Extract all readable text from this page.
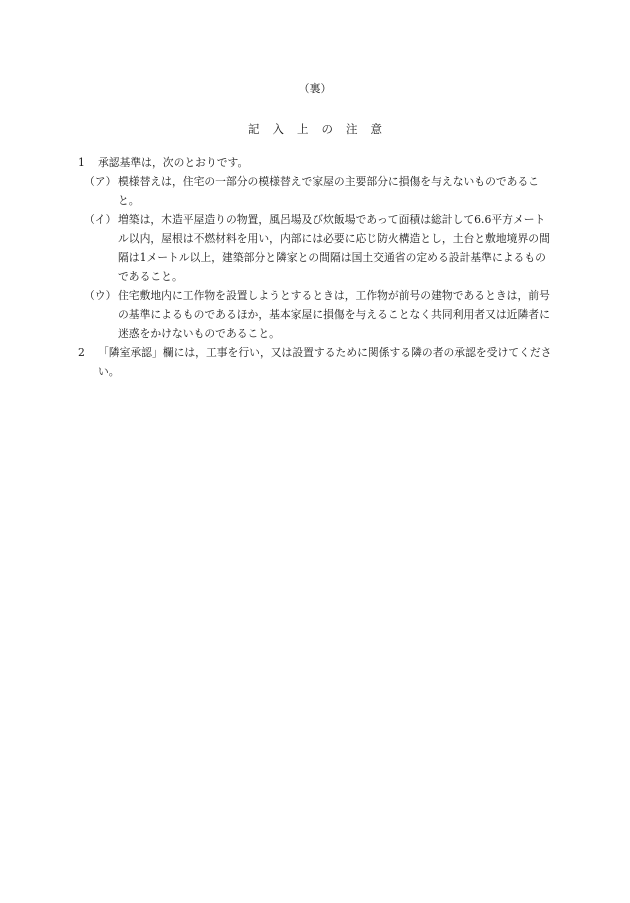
（裏）
記入上の注意
1	承認基準は，次のとおりです。
（ア） 模様替えは，住宅の一部分の模様替えで家屋の主要部分に損傷を与えないものであること。
（イ） 増築は，木造平屋造りの物置，風呂場及び炊飯場であって面積は総計して6.6平方メートル以内，屋根は不燃材料を用い，内部には必要に応じ防火構造とし，土台と敷地境界の間隔は1メートル以上，建築部分と隣家との間隔は国土交通省の定める設計基準によるものであること。
（ウ） 住宅敷地内に工作物を設置しようとするときは，工作物が前号の建物であるときは，前号の基準によるものであるほか，基本家屋に損傷を与えることなく共同利用者又は近隣者に迷惑をかけないものであること。
2	「隣室承認」欄には，工事を行い，又は設置するために関係する隣の者の承認を受けてください。
